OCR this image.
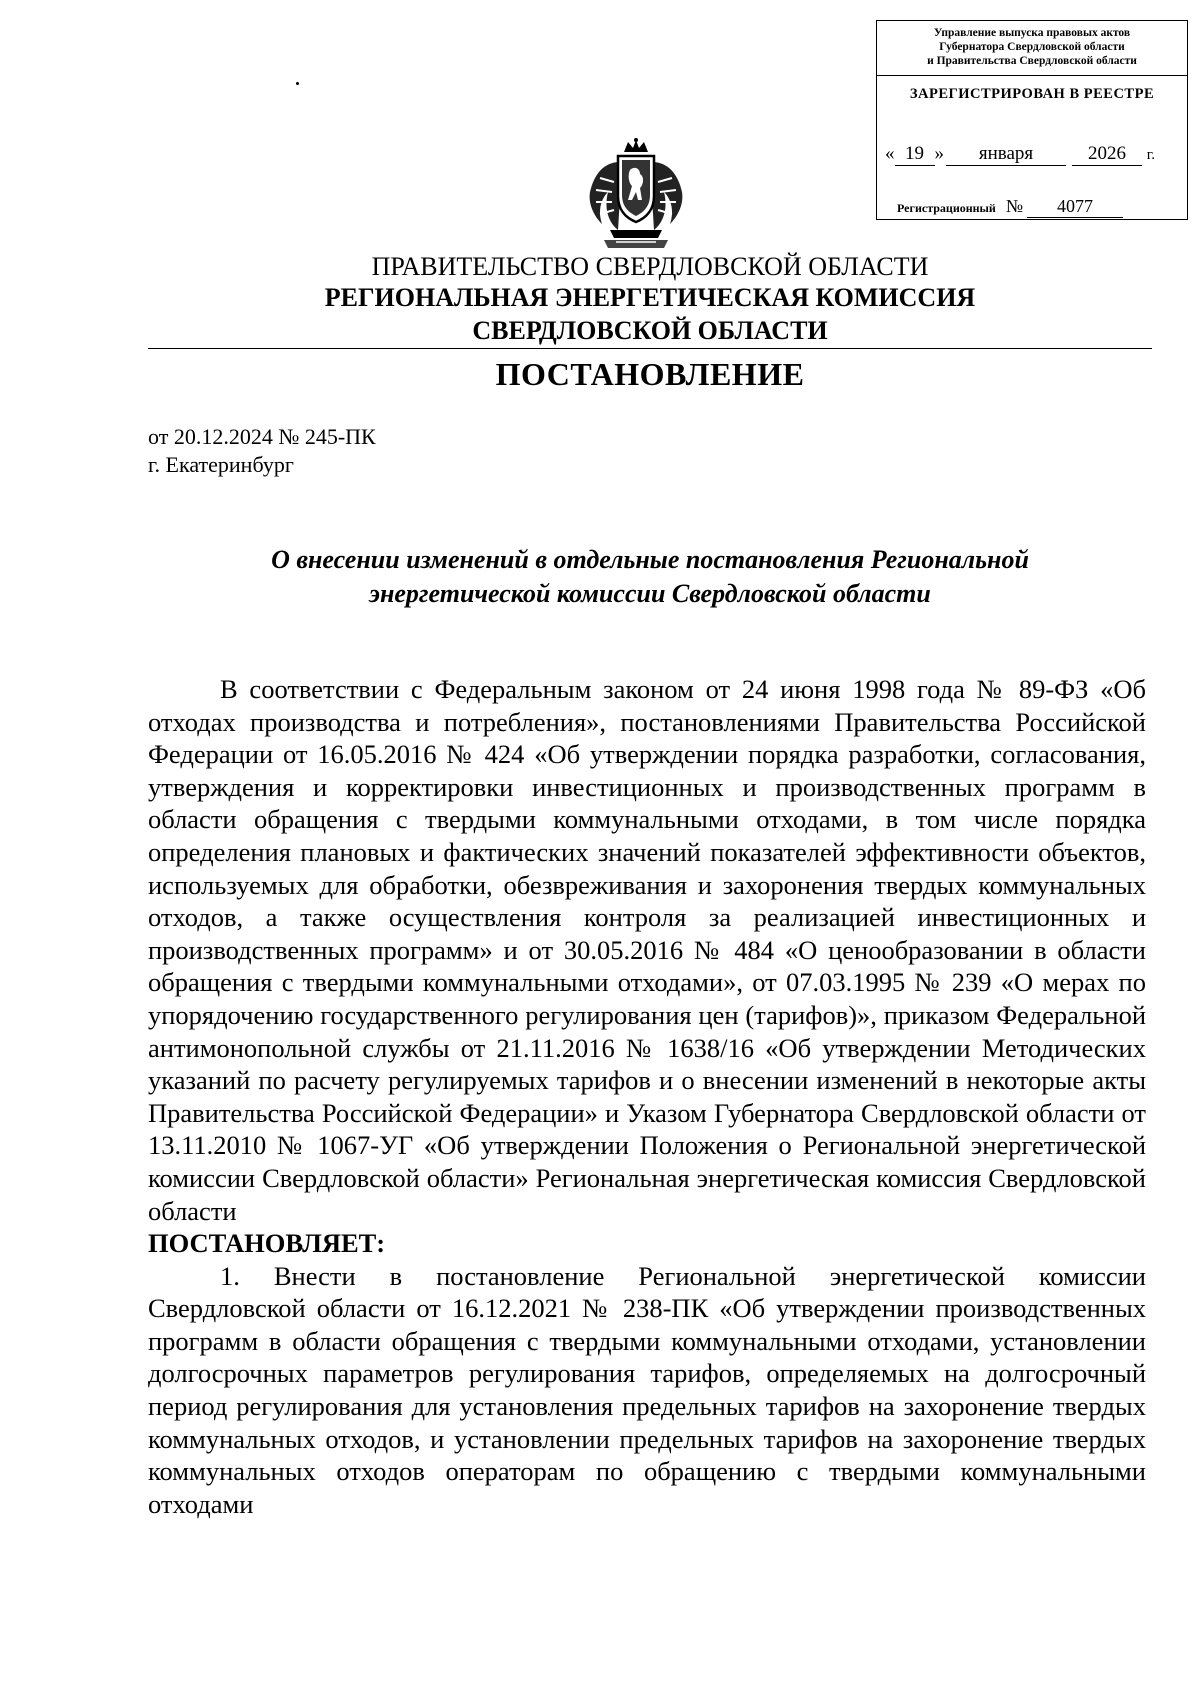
Управление выпуска правовых актов
Губернатора Свердловской области
и Правительства Свердловской области
ЗАРЕГИСТРИРОВАН В РЕЕСТРЕ
« 19 » января	2026 г.
Регистрационный № 4077
ПРАВИТЕЛЬСТВО СВЕРДЛОВСКОЙ ОБЛАСТИ
РЕГИОНАЛЬНАЯ ЭНЕРГЕТИЧЕСКАЯ КОМИССИЯ
СВЕРДЛОВСКОЙ ОБЛАСТИ
ПОСТАНОВЛЕНИЕ
от 20.12.2024 № 245-ПК
г. Екатеринбург
О внесении изменений в отдельные постановления Региональной
энергетической комиссии Свердловской области

В соответствии с Федеральным законом от 24 июня 1998 года № 89-ФЗ «Об отходах производства и потребления», постановлениями Правительства Российской Федерации от 16.05.2016 № 424 «Об утверждении порядка разработки, согласования, утверждения и корректировки инвестиционных и производственных программ в области обращения с твердыми коммунальными отходами, в том числе порядка определения плановых и фактических значений показателей эффективности объектов, используемых для обработки, обезвреживания и захоронения твердых коммунальных отходов, а также осуществления контроля за реализацией инвестиционных и производственных программ» и от 30.05.2016 № 484 «О ценообразовании в области обращения с твердыми коммунальными отходами», от 07.03.1995 № 239 «О мерах по упорядочению государственного регулирования цен (тарифов)», приказом Федеральной антимонопольной службы от 21.11.2016 № 1638/16 «Об утверждении Методических указаний по расчету регулируемых тарифов и о внесении изменений в некоторые акты Правительства Российской Федерации» и Указом Губернатора Свердловской области от 13.11.2010 № 1067-УГ «Об утверждении Положения о Региональной энергетической комиссии Свердловской области» Региональная энергетическая комиссия Свердловской области

ПОСТАНОВЛЯЕТ:

1. Внести в постановление Региональной энергетической комиссии Свердловской области от 16.12.2021 № 238-ПК «Об утверждении производственных программ в области обращения с твердыми коммунальными отходами, установлении долгосрочных параметров регулирования тарифов, определяемых на долгосрочный период регулирования для установления предельных тарифов на захоронение твердых коммунальных отходов, и установлении предельных тарифов на захоронение твердых коммунальных отходов операторам по обращению с твердыми коммунальными отходами
